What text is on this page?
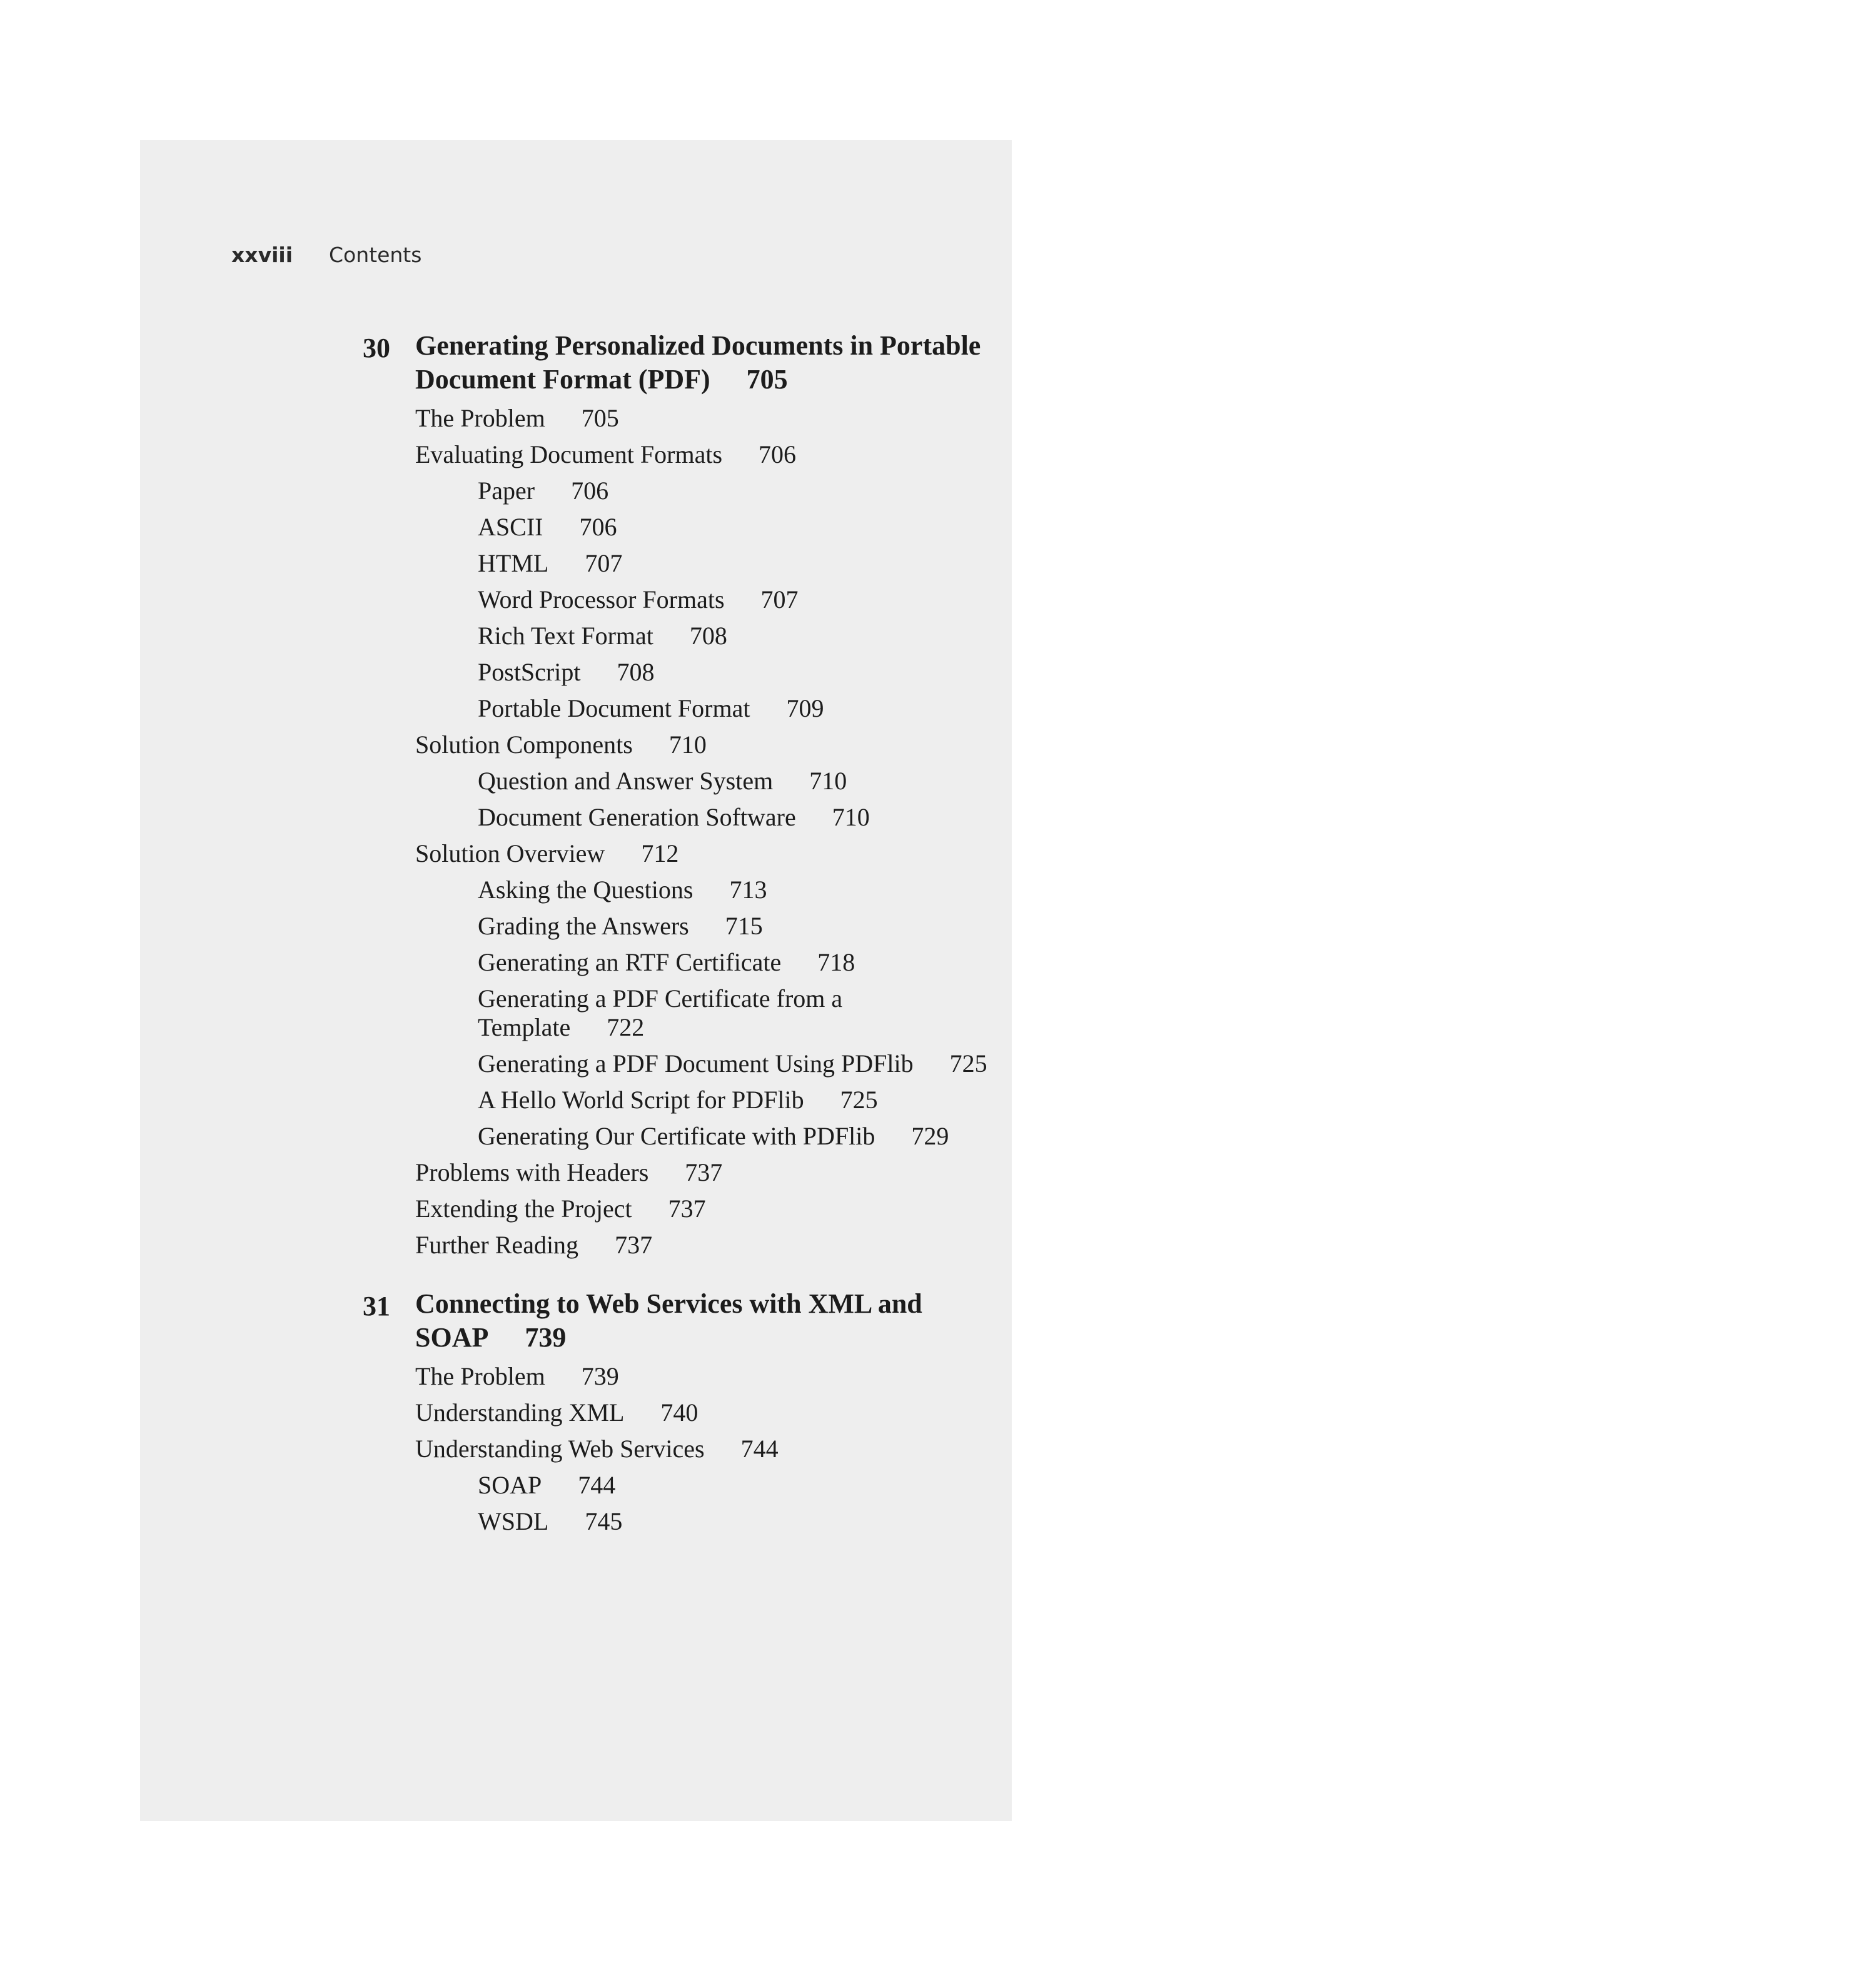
xxviii Contents
30 Generating Personalized Documents in Portable Document Format (PDF) 705
The Problem 705
Evaluating Document Formats 706
Paper 706
ASCII 706
HTML 707
Word Processor Formats 707
Rich Text Format 708
PostScript 708
Portable Document Format 709
Solution Components 710
Question and Answer System 710
Document Generation Software 710
Solution Overview 712
Asking the Questions 713
Grading the Answers 715
Generating an RTF Certificate 718
Generating a PDF Certificate from a Template 722
Generating a PDF Document Using PDFlib 725
A Hello World Script for PDFlib 725
Generating Our Certificate with PDFlib 729
Problems with Headers 737
Extending the Project 737
Further Reading 737
31 Connecting to Web Services with XML and SOAP 739
The Problem 739
Understanding XML 740
Understanding Web Services 744
SOAP 744
WSDL 745
